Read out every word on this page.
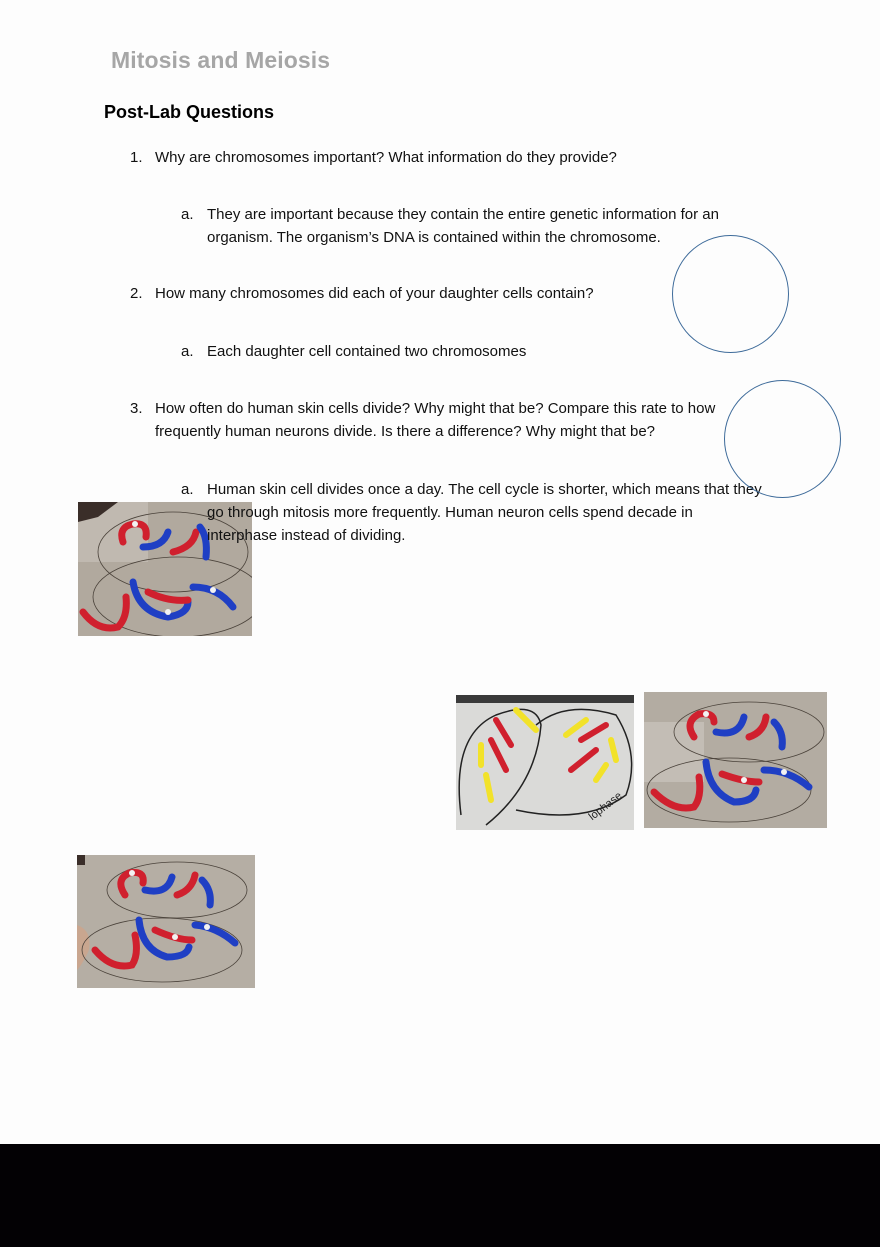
Mitosis and Meiosis
Post-Lab Questions
1. Why are chromosomes important? What information do they provide?
a. They are important because they contain the entire genetic information for an organism. The organism’s DNA is contained within the chromosome.
2. How many chromosomes did each of your daughter cells contain?
a. Each daughter cell contained two chromosomes
3. How often do human skin cells divide? Why might that be? Compare this rate to how frequently human neurons divide. Is there a difference? Why might that be?
a. Human skin cell divides once a day. The cell cycle is shorter, which means that they go through mitosis more frequently. Human neuron cells spend decade in interphase instead of dividing.
lophase
